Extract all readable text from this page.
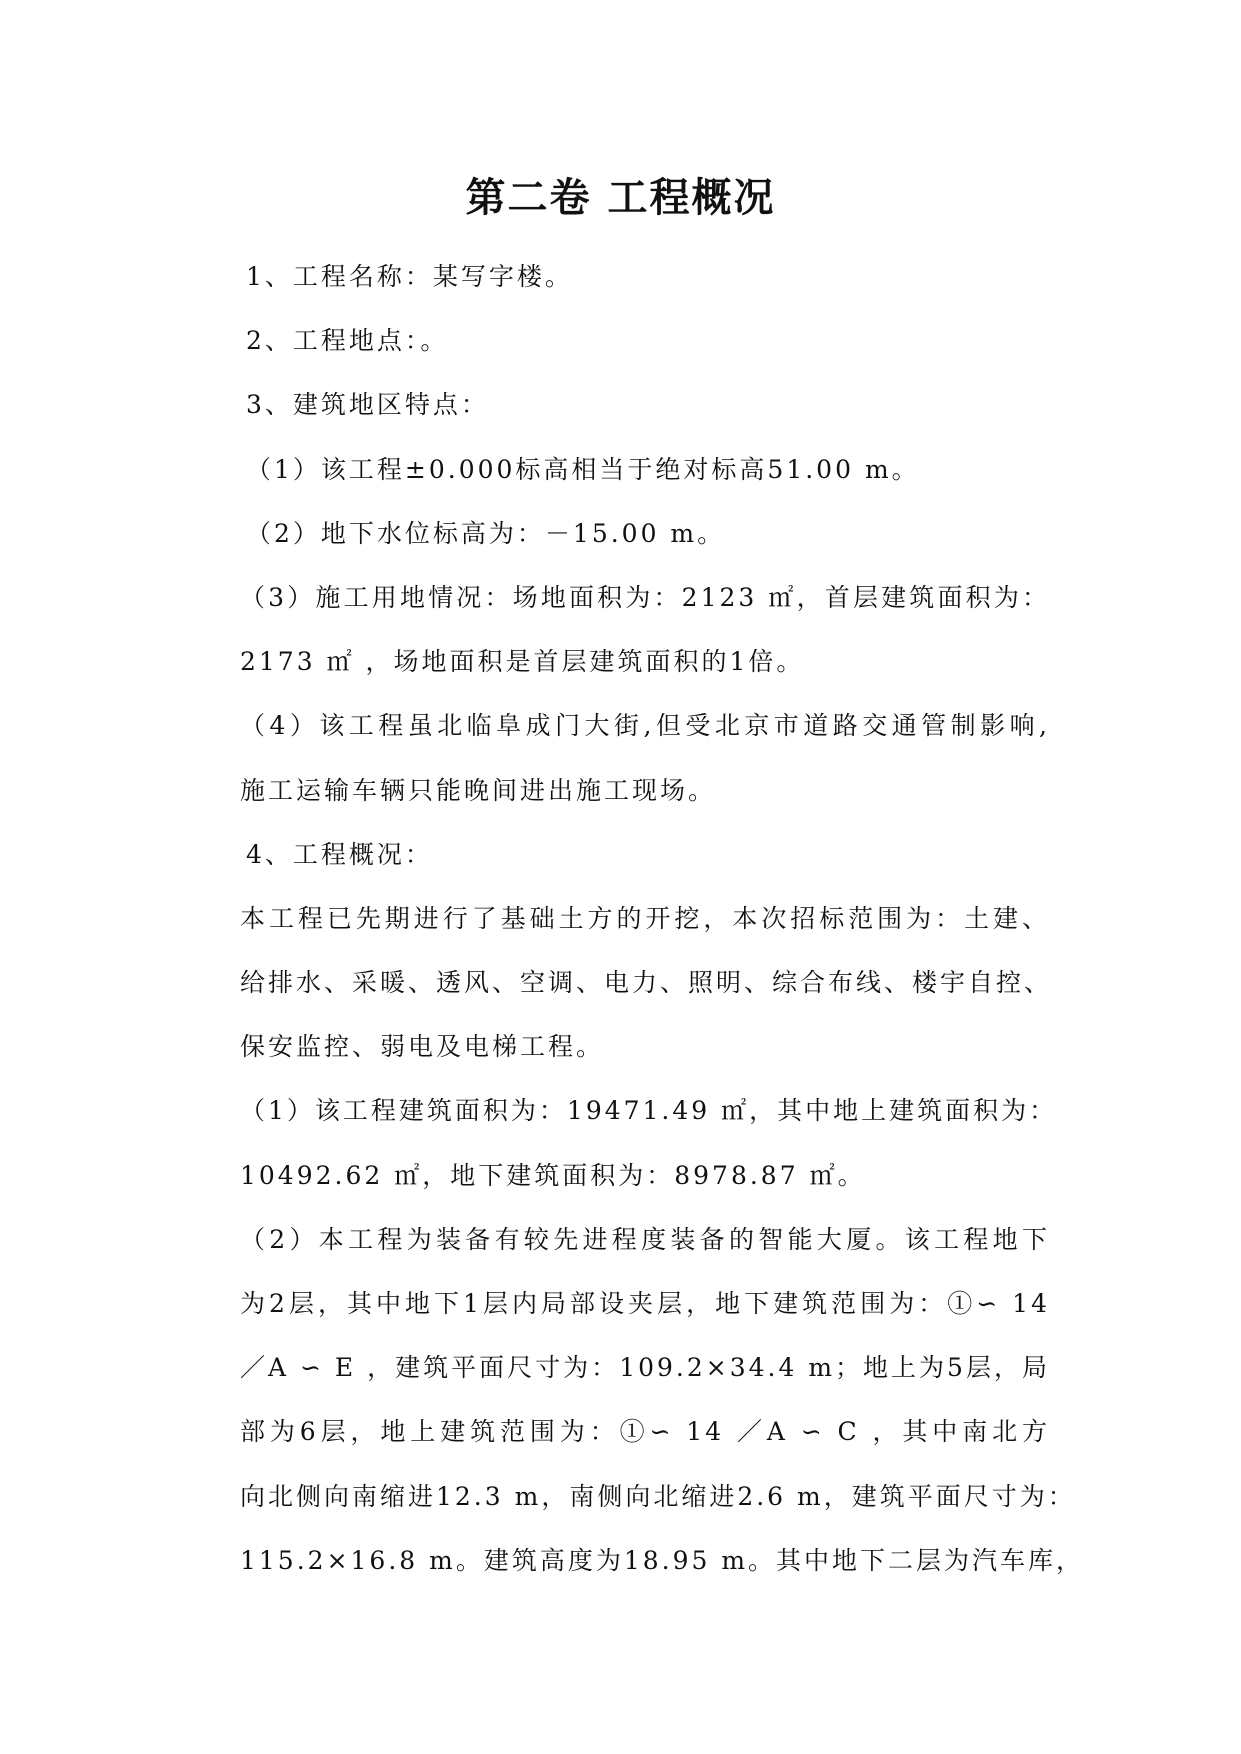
第二卷 工程概况
1、工程名称：某写字楼。
2、工程地点：。
3、建筑地区特点：
（1）该工程±0.000标高相当于绝对标高51.00 m。
（2）地下水位标高为：－15.00 m。
（3）施工用地情况：场地面积为：2123 ㎡，首层建筑面积为：
2173 ㎡ ，场地面积是首层建筑面积的1倍。
（4）该工程虽北临阜成门大街,但受北京市道路交通管制影响,
施工运输车辆只能晚间进出施工现场。
4、工程概况：
本工程已先期进行了基础土方的开挖，本次招标范围为：土建、
给排水、采暖、透风、空调、电力、照明、综合布线、楼宇自控、
保安监控、弱电及电梯工程。
（1）该工程建筑面积为：19471.49 ㎡，其中地上建筑面积为：
10492.62 ㎡，地下建筑面积为：8978.87 ㎡。
（2）本工程为装备有较先进程度装备的智能大厦。该工程地下
为2层，其中地下1层内局部设夹层，地下建筑范围为：①∽ 14
／A ∽ E ，建筑平面尺寸为：109.2×34.4 m；地上为5层，局
部为6层，地上建筑范围为：①∽ 14 ／A ∽ C ，其中南北方
向北侧向南缩进12.3 m，南侧向北缩进2.6 m，建筑平面尺寸为：
115.2×16.8 m。建筑高度为18.95 m。其中地下二层为汽车库，
